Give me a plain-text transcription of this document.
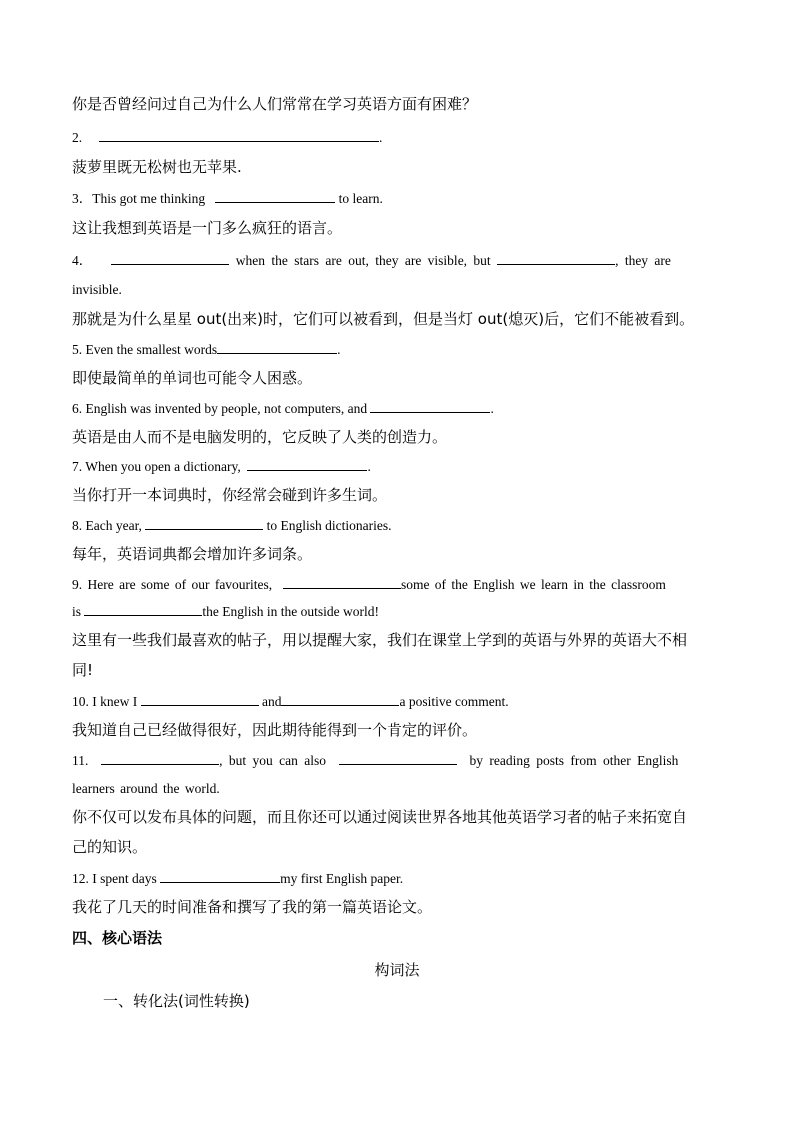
你是否曾经问过自己为什么人们常常在学习英语方面有困难？
2.	.
菠萝里既无松树也无苹果.
3．This got me thinking	to learn.
这让我想到英语是一门多么疯狂的语言。
4．	when the stars are out, they are visible, but	, they are
invisible.
那就是为什么星星 out(出来)时，它们可以被看到，但是当灯 out(熄灭)后，它们不能被看到。
5. Even the smallest words	.
即使最简单的单词也可能令人困惑。
6. English was invented by people, not computers, and	.
英语是由人而不是电脑发明的，它反映了人类的创造力。
7. When you open a dictionary,	.
当你打开一本词典时，你经常会碰到许多生词。
8. Each year,	to English dictionaries.
每年，英语词典都会增加许多词条。
9. Here are some of our favourites,	some of the English we learn in the classroom
is	the English in the outside world!
这里有一些我们最喜欢的帖子，用以提醒大家，我们在课堂上学到的英语与外界的英语大不相
同!
10. I knew I	and	a positive comment.
我知道自己已经做得很好，因此期待能得到一个肯定的评价。
11.	, but you can also	by reading posts from other English
learners around the world.
你不仅可以发布具体的问题，而且你还可以通过阅读世界各地其他英语学习者的帖子来拓宽自
己的知识。
12. I spent days	my first English paper.
我花了几天的时间准备和撰写了我的第一篇英语论文。
四、核心语法
构词法
一、转化法(词性转换)
